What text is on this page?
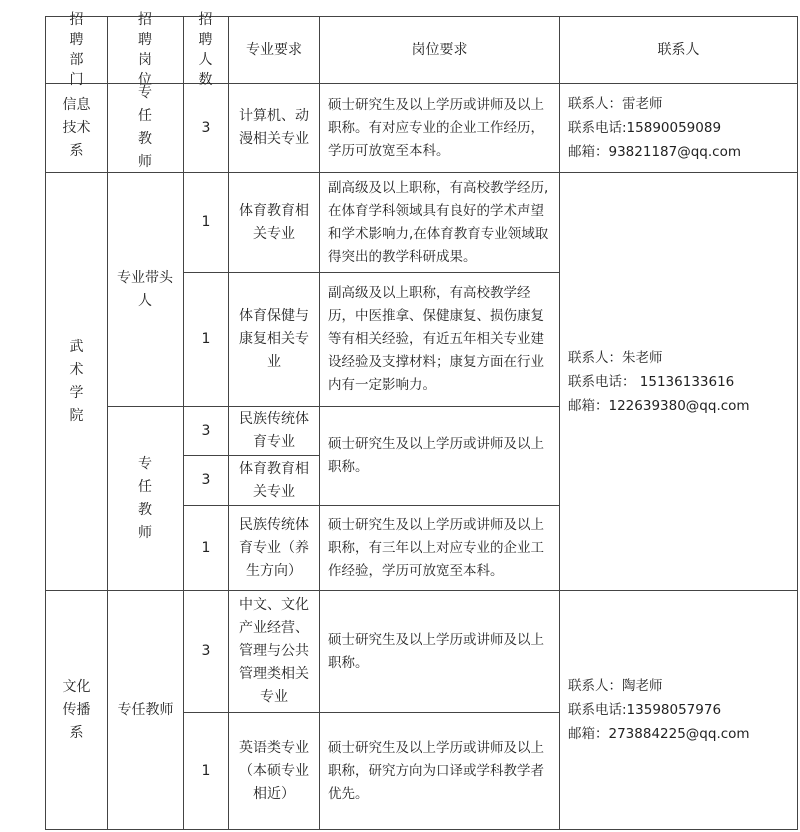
招聘部门
招聘岗位
招聘人数
专业要求	岗位要求	联系人
信息技术系
专任教师
3
计算机、动漫相关专业
硕士研究生及以上学历或讲师及以上职称。有对应专业的企业工作经历，学历可放宽至本科。
联系人：雷老师
联系电话:15890059089
邮箱：93821187@qq.com
武术学院
专业带头人
1
体育教育相关专业
副高级及以上职称，有高校教学经历,在体育学科领域具有良好的学术声望和学术影响力,在体育教育专业领域取得突出的教学科研成果。
1
体育保健与康复相关专业
副高级及以上职称，有高校教学经历，中医推拿、保健康复、损伤康复等有相关经验，有近五年相关专业建设经验及支撑材料；康复方面在行业内有一定影响力。
专任教师
3
民族传统体育专业
3
体育教育相关专业
硕士研究生及以上学历或讲师及以上职称。
1
民族传统体育专业（养生方向）
硕士研究生及以上学历或讲师及以上职称，有三年以上对应专业的企业工作经验，学历可放宽至本科。
联系人：朱老师
联系电话： 15136133616
邮箱：122639380@qq.com
文化传播系
专任教师
3
中文、文化产业经营、管理与公共管理类相关专业
硕士研究生及以上学历或讲师及以上职称。
1
英语类专业（本硕专业相近）
硕士研究生及以上学历或讲师及以上职称，研究方向为口译或学科教学者优先。
联系人：陶老师
联系电话:13598057976
邮箱：273884225@qq.com
